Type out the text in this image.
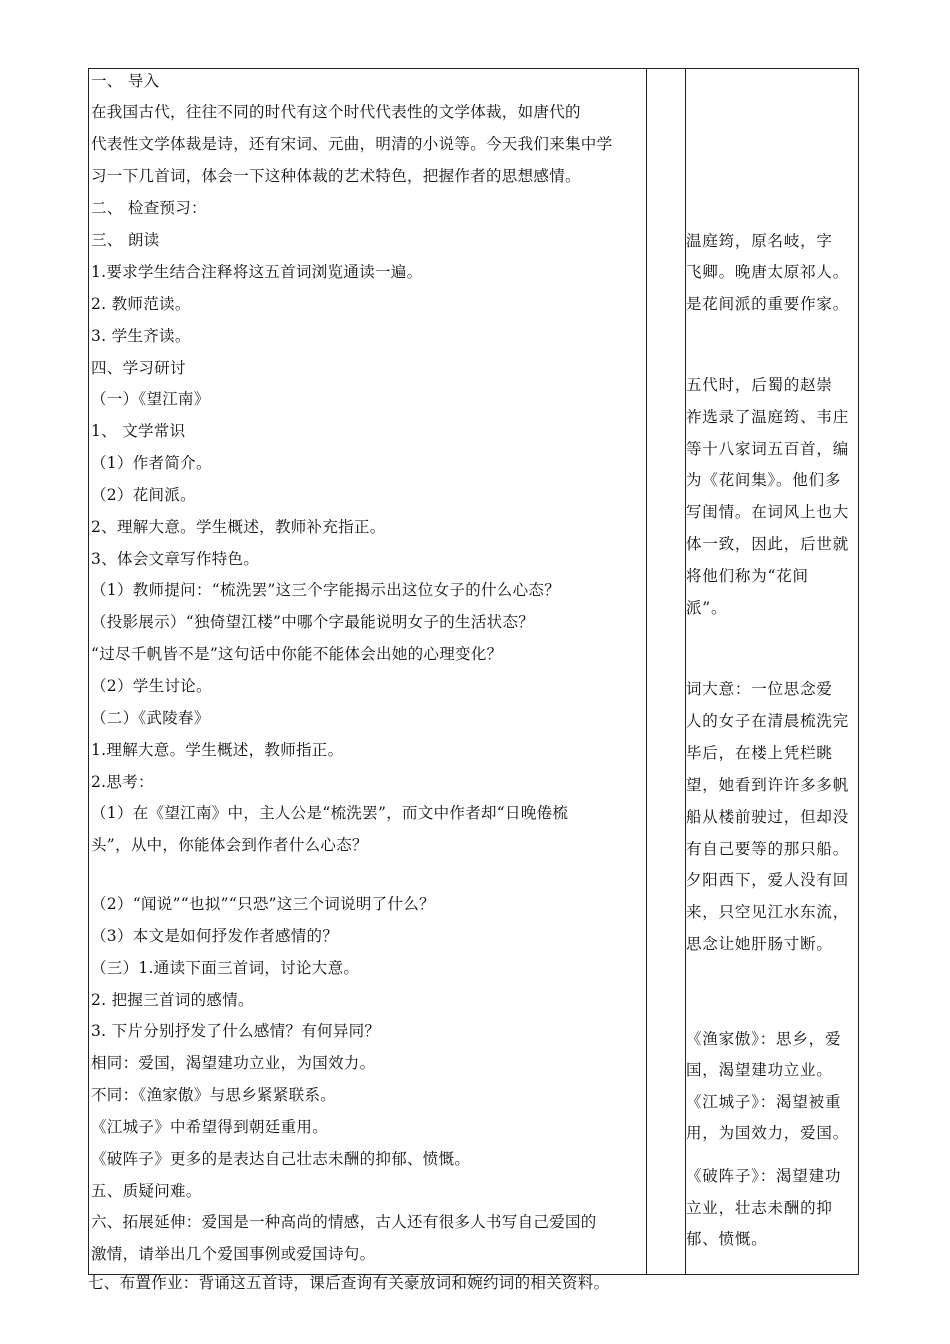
一、 导入
在我国古代，往往不同的时代有这个时代代表性的文学体裁，如唐代的
代表性文学体裁是诗，还有宋词、元曲，明清的小说等。今天我们来集中学
习一下几首词，体会一下这种体裁的艺术特色，把握作者的思想感情。
二、 检查预习：
三、 朗读
1.要求学生结合注释将这五首词浏览通读一遍。
2. 教师范读。
3. 学生齐读。
四、学习研讨
（一）《望江南》
1、 文学常识
（1）作者简介。
（2）花间派。
2、理解大意。学生概述，教师补充指正。
3、体会文章写作特色。
（1）教师提问：“梳洗罢”这三个字能揭示出这位女子的什么心态？
（投影展示）“独倚望江楼”中哪个字最能说明女子的生活状态？
“过尽千帆皆不是”这句话中你能不能体会出她的心理变化？
（2）学生讨论。
（二）《武陵春》
1.理解大意。学生概述，教师指正。
2.思考：
（1）在《望江南》中，主人公是“梳洗罢”，而文中作者却“日晚倦梳
头”，从中，你能体会到作者什么心态？
（2）“闻说”“也拟”“只恐”这三个词说明了什么？
（3）本文是如何抒发作者感情的？
（三）1.通读下面三首词，讨论大意。
2. 把握三首词的感情。
3. 下片分别抒发了什么感情？有何异同？
相同：爱国，渴望建功立业，为国效力。
不同：《渔家傲》与思乡紧紧联系。
《江城子》中希望得到朝廷重用。
《破阵子》更多的是表达自己壮志未酬的抑郁、愤慨。
五、质疑问难。
六、拓展延伸：爱国是一种高尚的情感，古人还有很多人书写自己爱国的
激情，请举出几个爱国事例或爱国诗句。
温庭筠，原名岐，字
飞卿。晚唐太原祁人。
是花间派的重要作家。
五代时，后蜀的赵崇
祚选录了温庭筠、韦庄
等十八家词五百首，编
为《花间集》。他们多
写闺情。在词风上也大
体一致，因此，后世就
将他们称为“花间
派”。
词大意：一位思念爱
人的女子在清晨梳洗完
毕后，在楼上凭栏眺
望，她看到许许多多帆
船从楼前驶过，但却没
有自己要等的那只船。
夕阳西下，爱人没有回
来，只空见江水东流，
思念让她肝肠寸断。
《渔家傲》：思乡，爱
国，渴望建功立业。
《江城子》：渴望被重
用，为国效力，爱国。
《破阵子》：渴望建功
立业，壮志未酬的抑
郁、愤慨。
七、布置作业：背诵这五首诗，课后查询有关豪放词和婉约词的相关资料。
